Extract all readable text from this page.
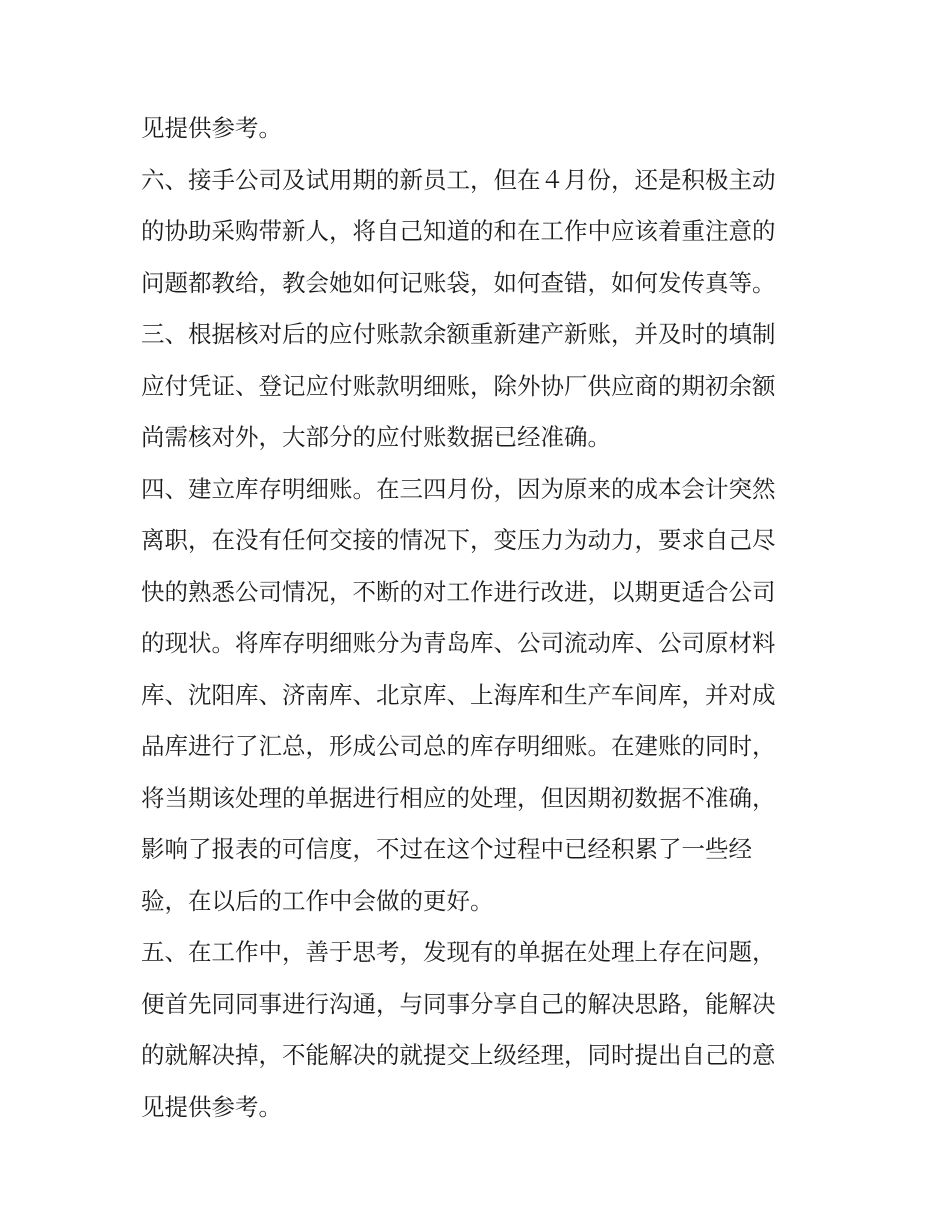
见提供参考。
六、接手公司及试用期的新员工，但在４月份，还是积极主动
的协助采购带新人，将自己知道的和在工作中应该着重注意的
问题都教给，教会她如何记账袋，如何查错，如何发传真等。
三、根据核对后的应付账款余额重新建产新账，并及时的填制
应付凭证、登记应付账款明细账，除外协厂供应商的期初余额
尚需核对外，大部分的应付账数据已经准确。
四、建立库存明细账。在三四月份，因为原来的成本会计突然
离职，在没有任何交接的情况下，变压力为动力，要求自己尽
快的熟悉公司情况，不断的对工作进行改进，以期更适合公司
的现状。将库存明细账分为青岛库、公司流动库、公司原材料
库、沈阳库、济南库、北京库、上海库和生产车间库，并对成
品库进行了汇总，形成公司总的库存明细账。在建账的同时，
将当期该处理的单据进行相应的处理，但因期初数据不准确，
影响了报表的可信度，不过在这个过程中已经积累了一些经
验，在以后的工作中会做的更好。
五、在工作中，善于思考，发现有的单据在处理上存在问题，
便首先同同事进行沟通，与同事分享自己的解决思路，能解决
的就解决掉，不能解决的就提交上级经理，同时提出自己的意
见提供参考。
